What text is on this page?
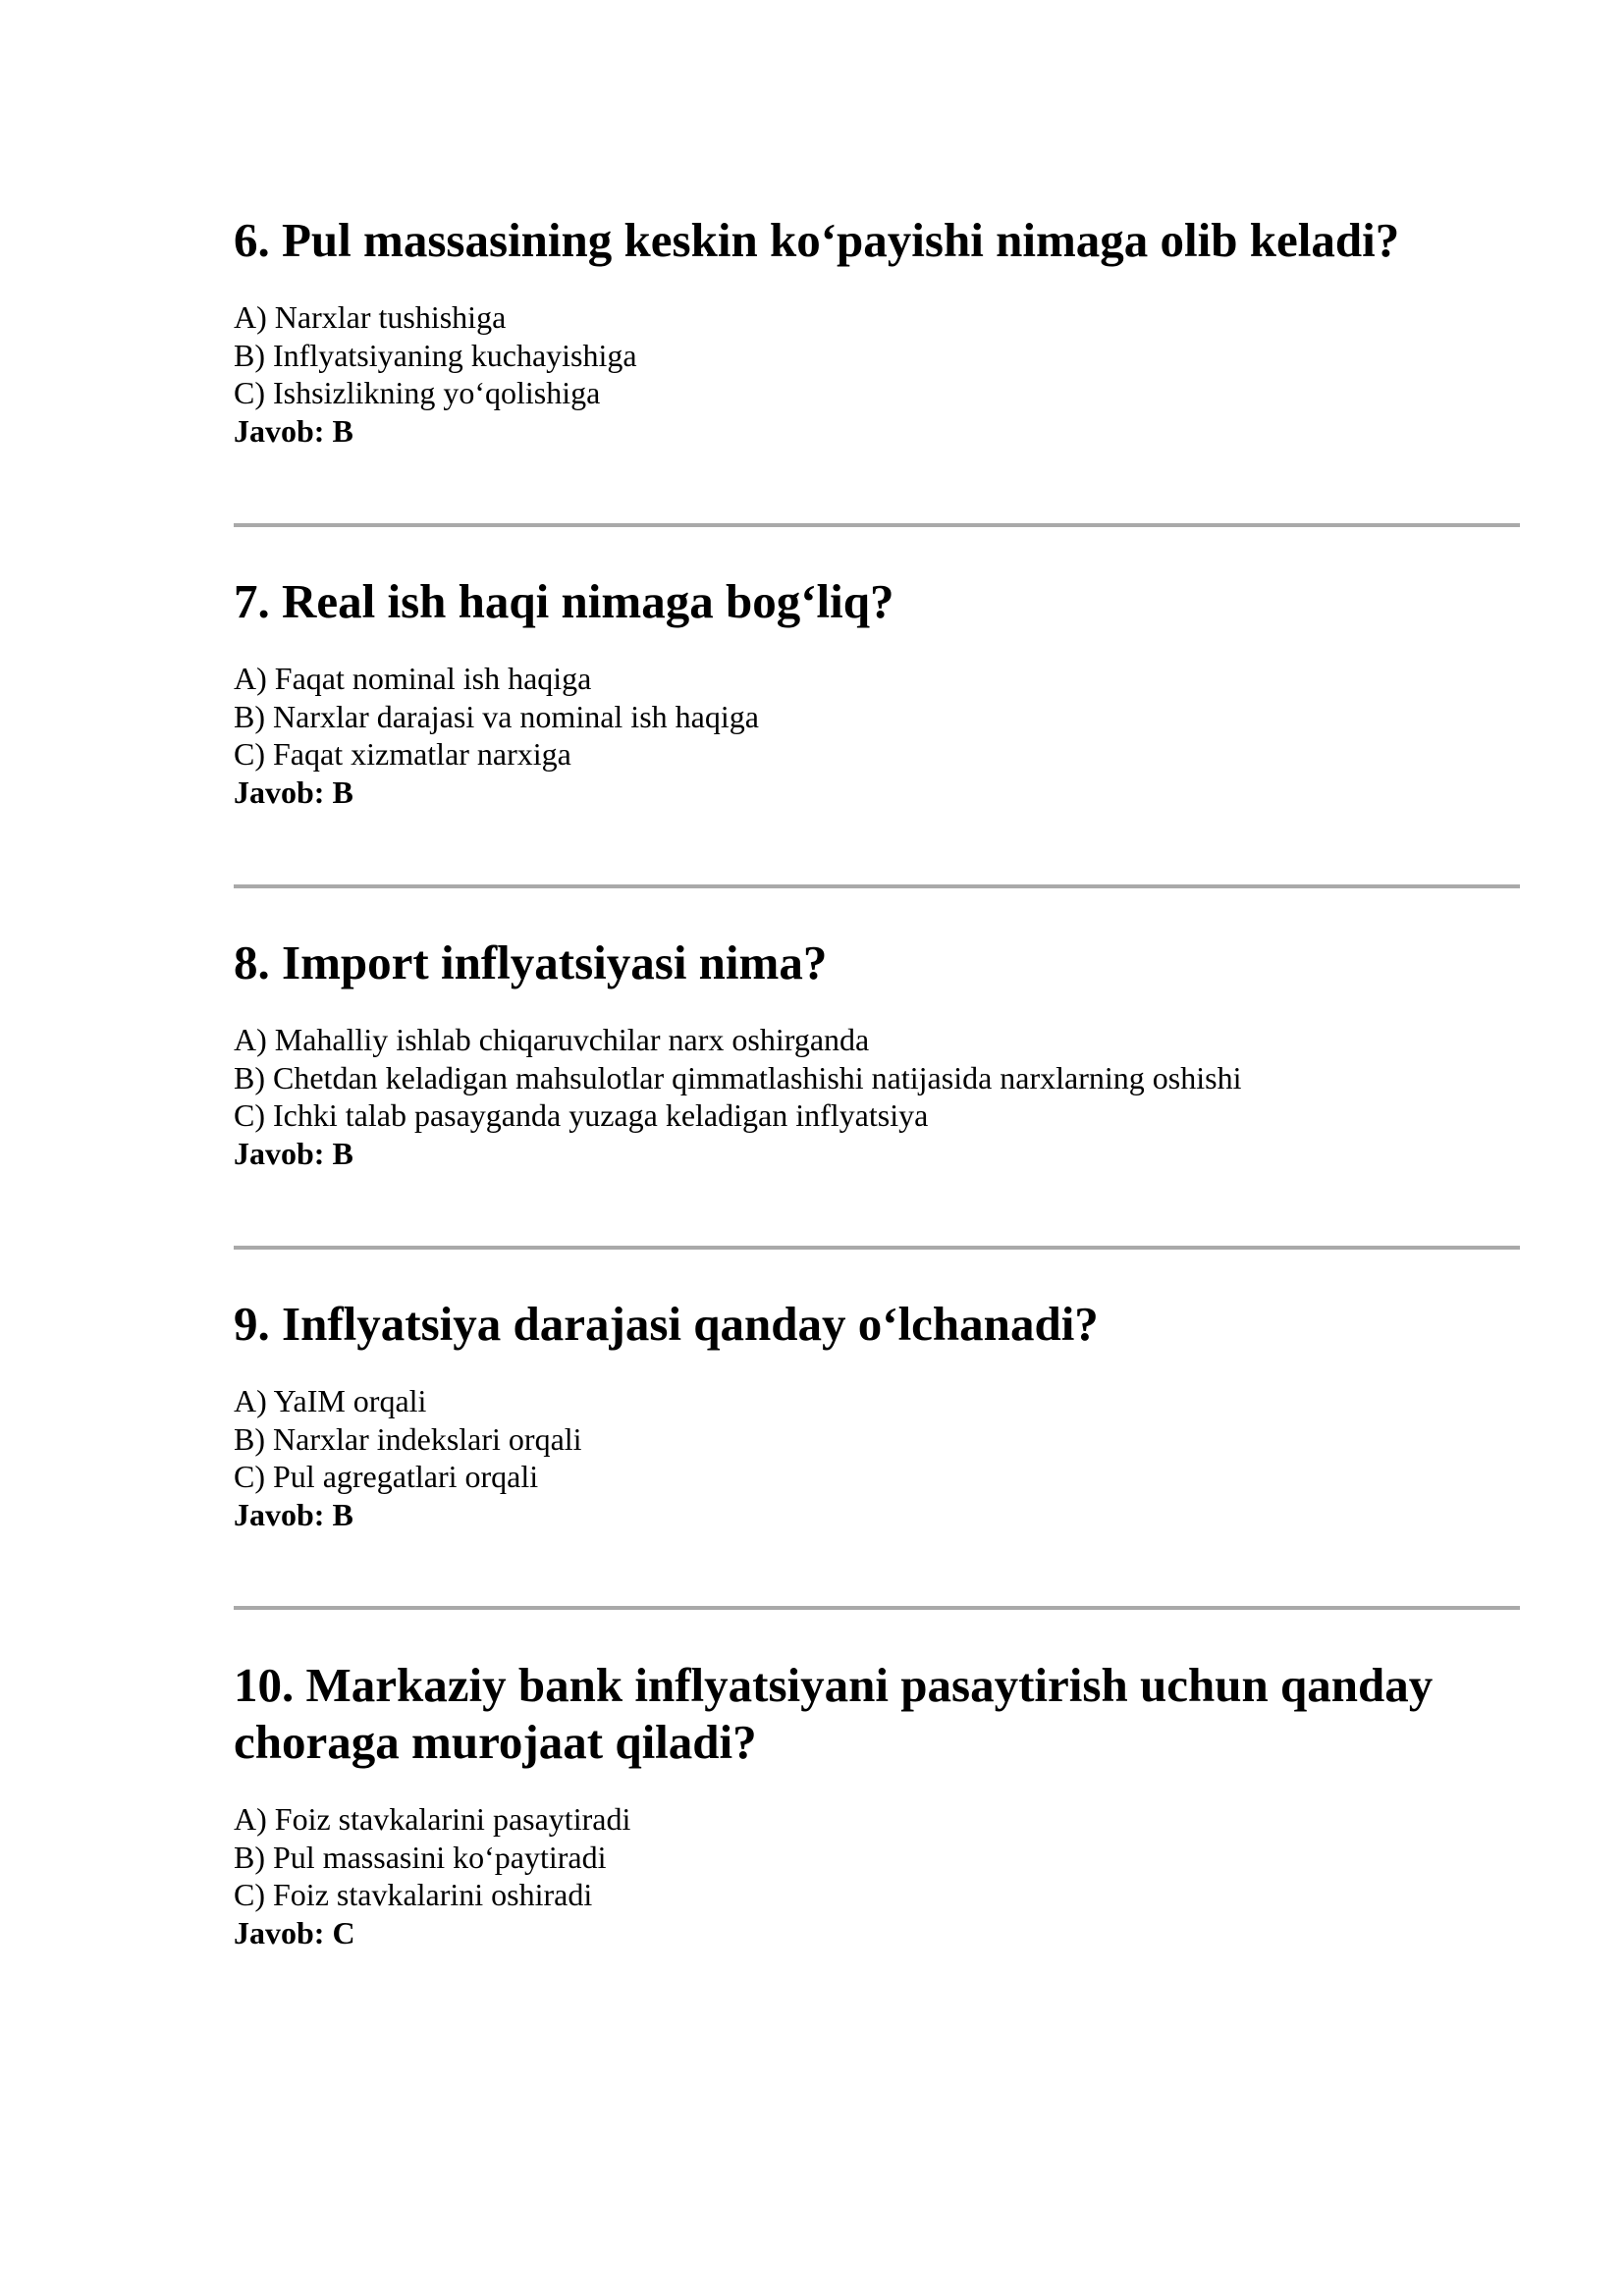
6. Pul massasining keskin ko‘payishi nimaga olib keladi?

A) Narxlar tushishiga

B) Inflyatsiyaning kuchayishiga

C) Ishsizlikning yo‘qolishiga

Javob: B

7. Real ish haqi nimaga bog‘liq?

A) Faqat nominal ish haqiga

B) Narxlar darajasi va nominal ish haqiga

C) Faqat xizmatlar narxiga

Javob: B

8. Import inflyatsiyasi nima?

A) Mahalliy ishlab chiqaruvchilar narx oshirganda

B) Chetdan keladigan mahsulotlar qimmatlashishi natijasida narxlarning oshishi

C) Ichki talab pasayganda yuzaga keladigan inflyatsiya

Javob: B

9. Inflyatsiya darajasi qanday o‘lchanadi?

A) YaIM orqali

B) Narxlar indekslari orqali

C) Pul agregatlari orqali

Javob: B

10. Markaziy bank inflyatsiyani pasaytirish uchun qanday choraga murojaat qiladi?

A) Foiz stavkalarini pasaytiradi

B) Pul massasini ko‘paytiradi

C) Foiz stavkalarini oshiradi

Javob: C
